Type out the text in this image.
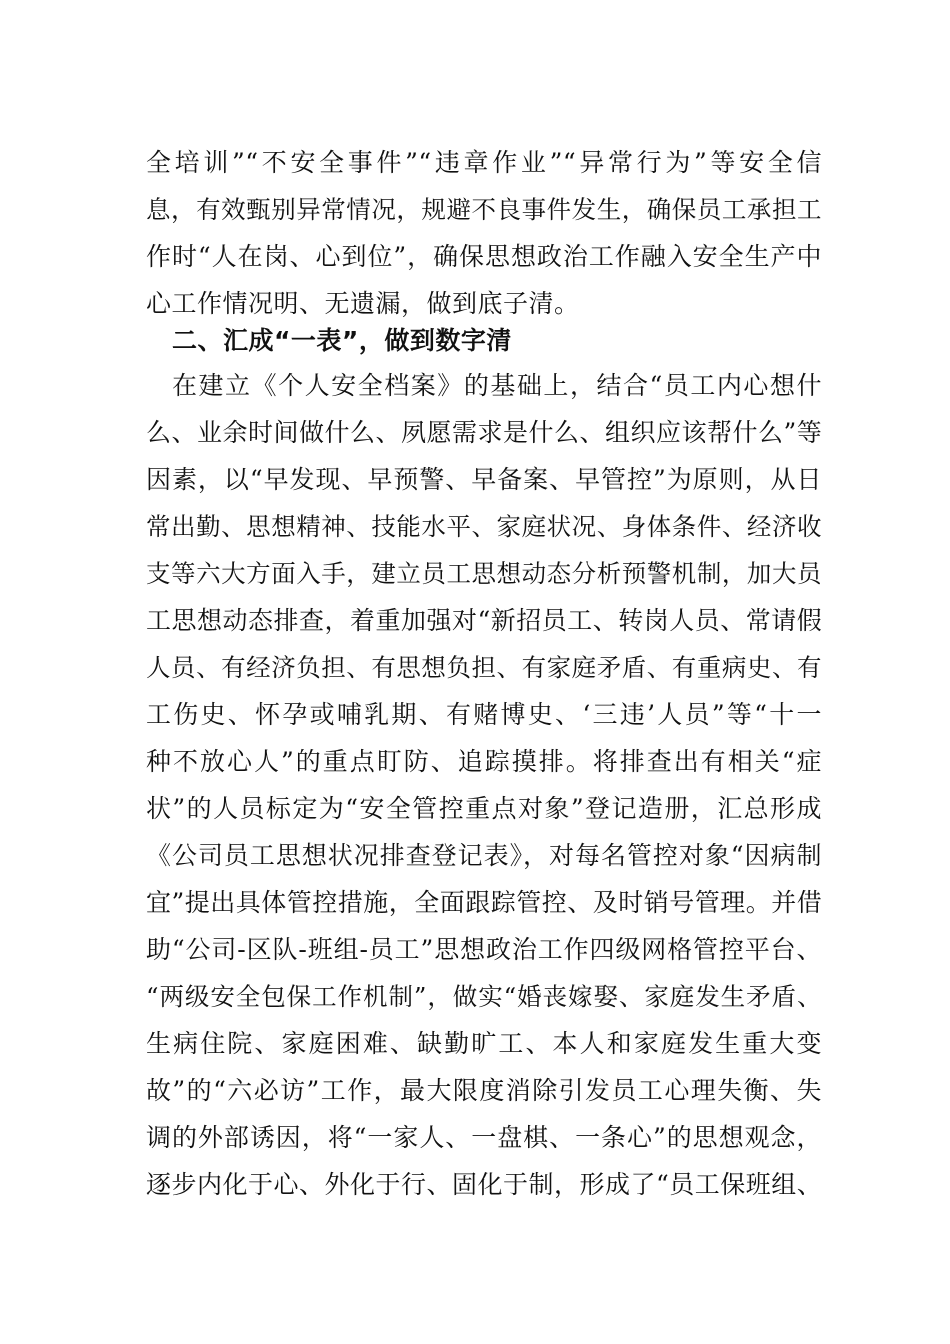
全培训”“不安全事件”“违章作业”“异常行为”等安全信
息，有效甄别异常情况，规避不良事件发生，确保员工承担工
作时“人在岗、心到位”，确保思想政治工作融入安全生产中
心工作情况明、无遗漏，做到底子清。
二、汇成“一表”，做到数字清
在建立《个人安全档案》的基础上，结合“员工内心想什
么、业余时间做什么、夙愿需求是什么、组织应该帮什么”等
因素，以“早发现、早预警、早备案、早管控”为原则，从日
常出勤、思想精神、技能水平、家庭状况、身体条件、经济收
支等六大方面入手，建立员工思想动态分析预警机制，加大员
工思想动态排查，着重加强对“新招员工、转岗人员、常请假
人员、有经济负担、有思想负担、有家庭矛盾、有重病史、有
工伤史、怀孕或哺乳期、有赌博史、‘三违’人员”等“十一
种不放心人”的重点盯防、追踪摸排。将排查出有相关“症
状”的人员标定为“安全管控重点对象”登记造册，汇总形成
《公司员工思想状况排查登记表》，对每名管控对象“因病制
宜”提出具体管控措施，全面跟踪管控、及时销号管理。并借
助“公司-区队-班组-员工”思想政治工作四级网格管控平台、
“两级安全包保工作机制”，做实“婚丧嫁娶、家庭发生矛盾、
生病住院、家庭困难、缺勤旷工、本人和家庭发生重大变
故”的“六必访”工作，最大限度消除引发员工心理失衡、失
调的外部诱因，将“一家人、一盘棋、一条心”的思想观念，
逐步内化于心、外化于行、固化于制，形成了“员工保班组、
